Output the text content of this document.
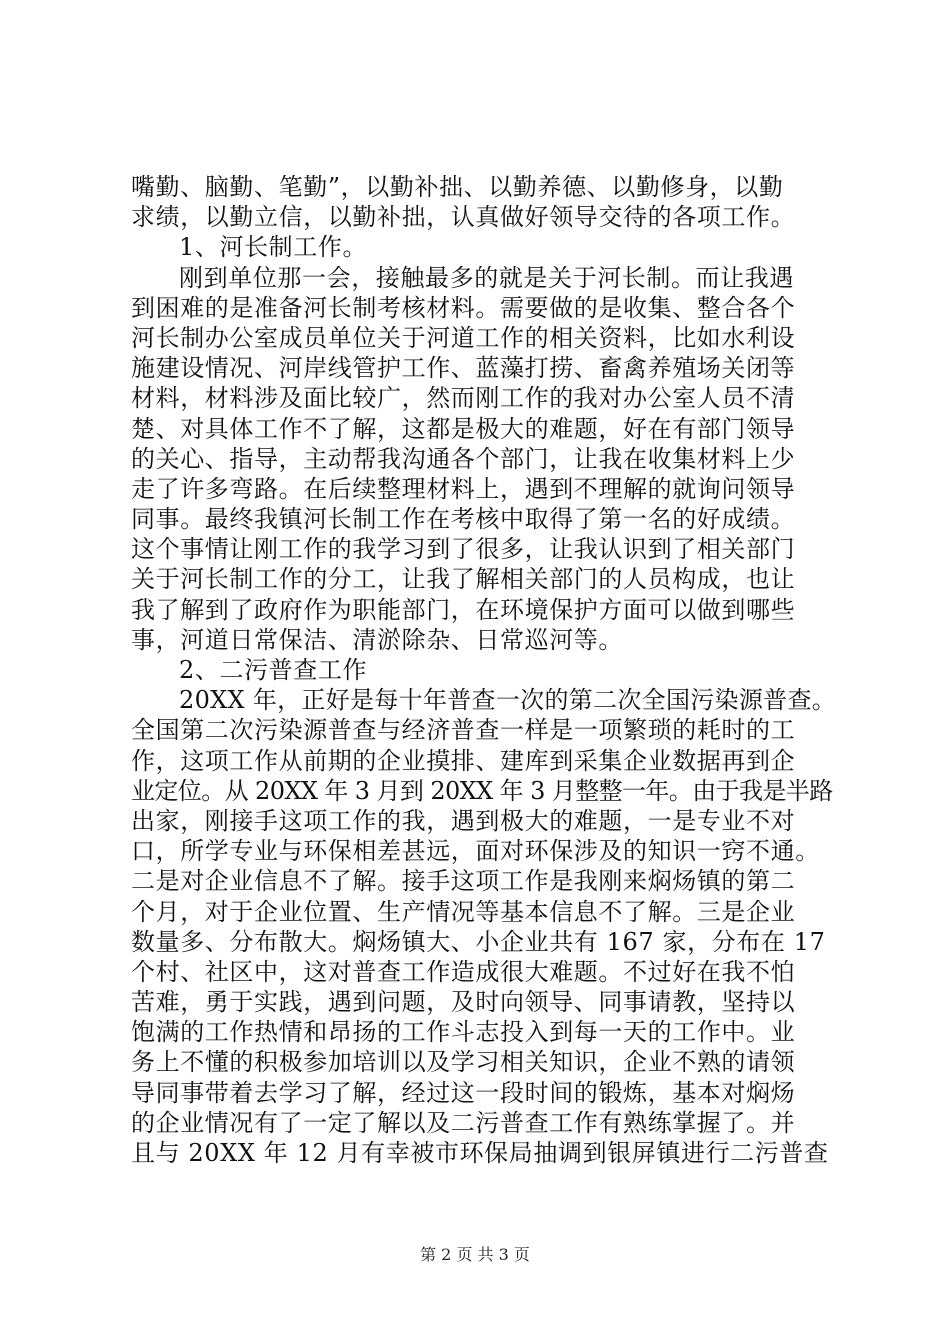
嘴勤、脑勤、笔勤”，以勤补拙、以勤养德、以勤修身，以勤
求绩，以勤立信，以勤补拙，认真做好领导交待的各项工作。
1、河长制工作。
刚到单位那一会，接触最多的就是关于河长制。而让我遇
到困难的是准备河长制考核材料。需要做的是收集、整合各个
河长制办公室成员单位关于河道工作的相关资料，比如水利设
施建设情况、河岸线管护工作、蓝藻打捞、畜禽养殖场关闭等
材料，材料涉及面比较广，然而刚工作的我对办公室人员不清
楚、对具体工作不了解，这都是极大的难题，好在有部门领导
的关心、指导，主动帮我沟通各个部门，让我在收集材料上少
走了许多弯路。在后续整理材料上，遇到不理解的就询问领导
同事。最终我镇河长制工作在考核中取得了第一名的好成绩。
这个事情让刚工作的我学习到了很多，让我认识到了相关部门
关于河长制工作的分工，让我了解相关部门的人员构成，也让
我了解到了政府作为职能部门，在环境保护方面可以做到哪些
事，河道日常保洁、清淤除杂、日常巡河等。
2、二污普查工作
20XX 年，正好是每十年普查一次的第二次全国污染源普查。
全国第二次污染源普查与经济普查一样是一项繁琐的耗时的工
作，这项工作从前期的企业摸排、建库到采集企业数据再到企
业定位。从 20XX 年 3 月到 20XX 年 3 月整整一年。由于我是半路
出家，刚接手这项工作的我，遇到极大的难题，一是专业不对
口，所学专业与环保相差甚远，面对环保涉及的知识一窍不通。
二是对企业信息不了解。接手这项工作是我刚来焖炀镇的第二
个月，对于企业位置、生产情况等基本信息不了解。三是企业
数量多、分布散大。焖炀镇大、小企业共有 167 家，分布在 17
个村、社区中，这对普查工作造成很大难题。不过好在我不怕
苦难，勇于实践，遇到问题，及时向领导、同事请教，坚持以
饱满的工作热情和昂扬的工作斗志投入到每一天的工作中。业
务上不懂的积极参加培训以及学习相关知识，企业不熟的请领
导同事带着去学习了解，经过这一段时间的锻炼，基本对焖炀
的企业情况有了一定了解以及二污普查工作有熟练掌握了。并
且与 20XX 年 12 月有幸被市环保局抽调到银屏镇进行二污普查
第 2 页 共 3 页
